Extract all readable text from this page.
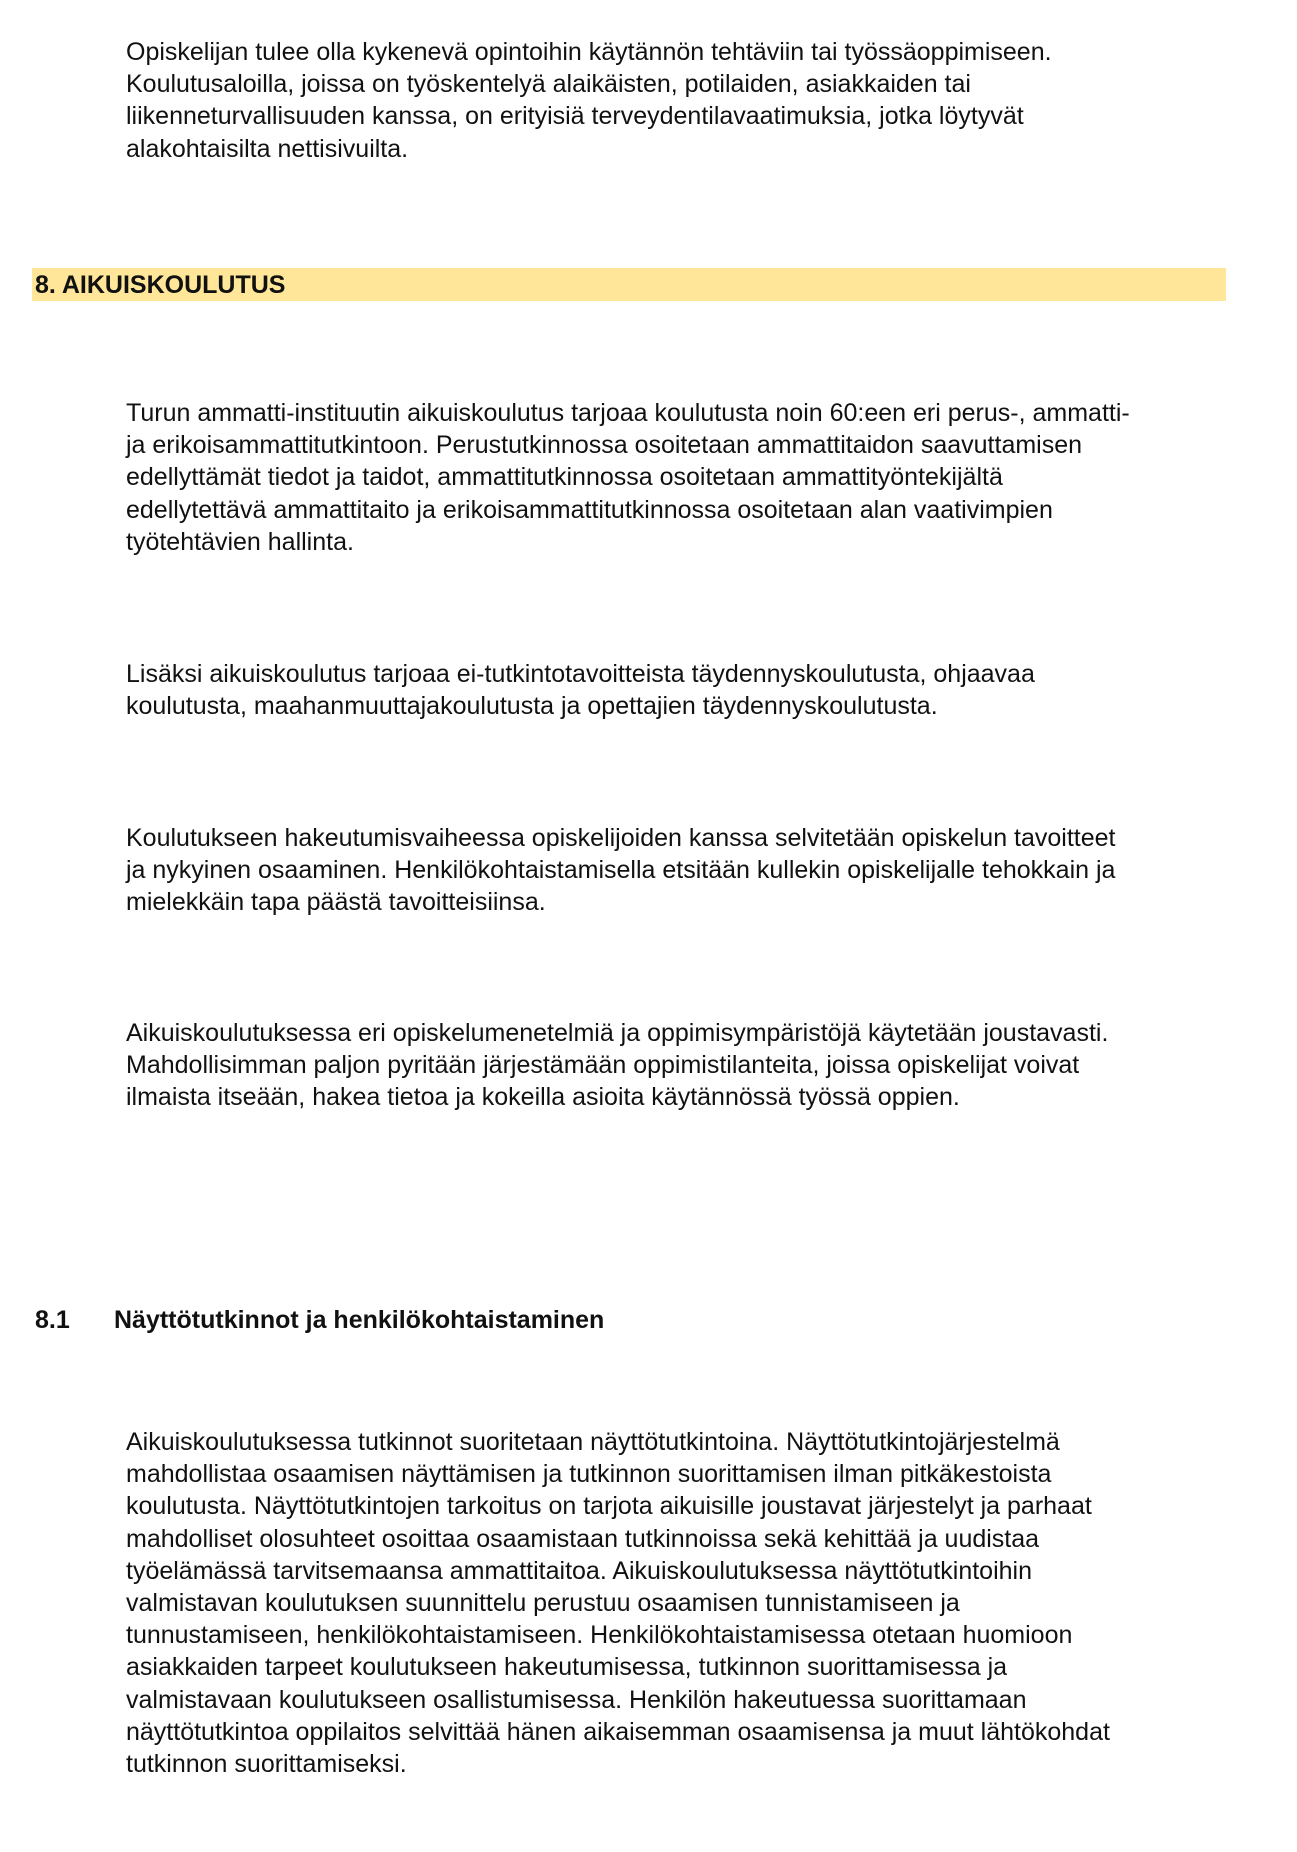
Opiskelijan tulee olla kykenevä opintoihin käytännön tehtäviin tai työssäoppimiseen.
Koulutusaloilla, joissa on työskentelyä alaikäisten, potilaiden, asiakkaiden tai
liikenneturvallisuuden kanssa, on erityisiä terveydentilavaatimuksia, jotka löytyvät
alakohtaisilta nettisivuilta.

8. AIKUISKOULUTUS

Turun ammatti-instituutin aikuiskoulutus tarjoaa koulutusta noin 60:een eri perus-, ammatti-
ja erikoisammattitutkintoon. Perustutkinnossa osoitetaan ammattitaidon saavuttamisen
edellyttämät tiedot ja taidot, ammattitutkinnossa osoitetaan ammattityöntekijältä
edellytettävä ammattitaito ja erikoisammattitutkinnossa osoitetaan alan vaativimpien
työtehtävien hallinta.

Lisäksi aikuiskoulutus tarjoaa ei-tutkintotavoitteista täydennyskoulutusta, ohjaavaa
koulutusta, maahanmuuttajakoulutusta ja opettajien täydennyskoulutusta.

Koulutukseen hakeutumisvaiheessa opiskelijoiden kanssa selvitetään opiskelun tavoitteet
ja nykyinen osaaminen. Henkilökohtaistamisella etsitään kullekin opiskelijalle tehokkain ja
mielekkäin tapa päästä tavoitteisiinsa.

Aikuiskoulutuksessa eri opiskelumenetelmiä ja oppimisympäristöjä käytetään joustavasti.
Mahdollisimman paljon pyritään järjestämään oppimistilanteita, joissa opiskelijat voivat
ilmaista itseään, hakea tietoa ja kokeilla asioita käytännössä työssä oppien.

8.1 Näyttötutkinnot ja henkilökohtaistaminen

Aikuiskoulutuksessa tutkinnot suoritetaan näyttötutkintoina. Näyttötutkintojärjestelmä
mahdollistaa osaamisen näyttämisen ja tutkinnon suorittamisen ilman pitkäkestoista
koulutusta. Näyttötutkintojen tarkoitus on tarjota aikuisille joustavat järjestelyt ja parhaat
mahdolliset olosuhteet osoittaa osaamistaan tutkinnoissa sekä kehittää ja uudistaa
työelämässä tarvitsemaansa ammattitaitoa. Aikuiskoulutuksessa näyttötutkintoihin
valmistavan koulutuksen suunnittelu perustuu osaamisen tunnistamiseen ja
tunnustamiseen, henkilökohtaistamiseen. Henkilökohtaistamisessa otetaan huomioon
asiakkaiden tarpeet koulutukseen hakeutumisessa, tutkinnon suorittamisessa ja
valmistavaan koulutukseen osallistumisessa. Henkilön hakeutuessa suorittamaan
näyttötutkintoa oppilaitos selvittää hänen aikaisemman osaamisensa ja muut lähtökohdat
tutkinnon suorittamiseksi.
